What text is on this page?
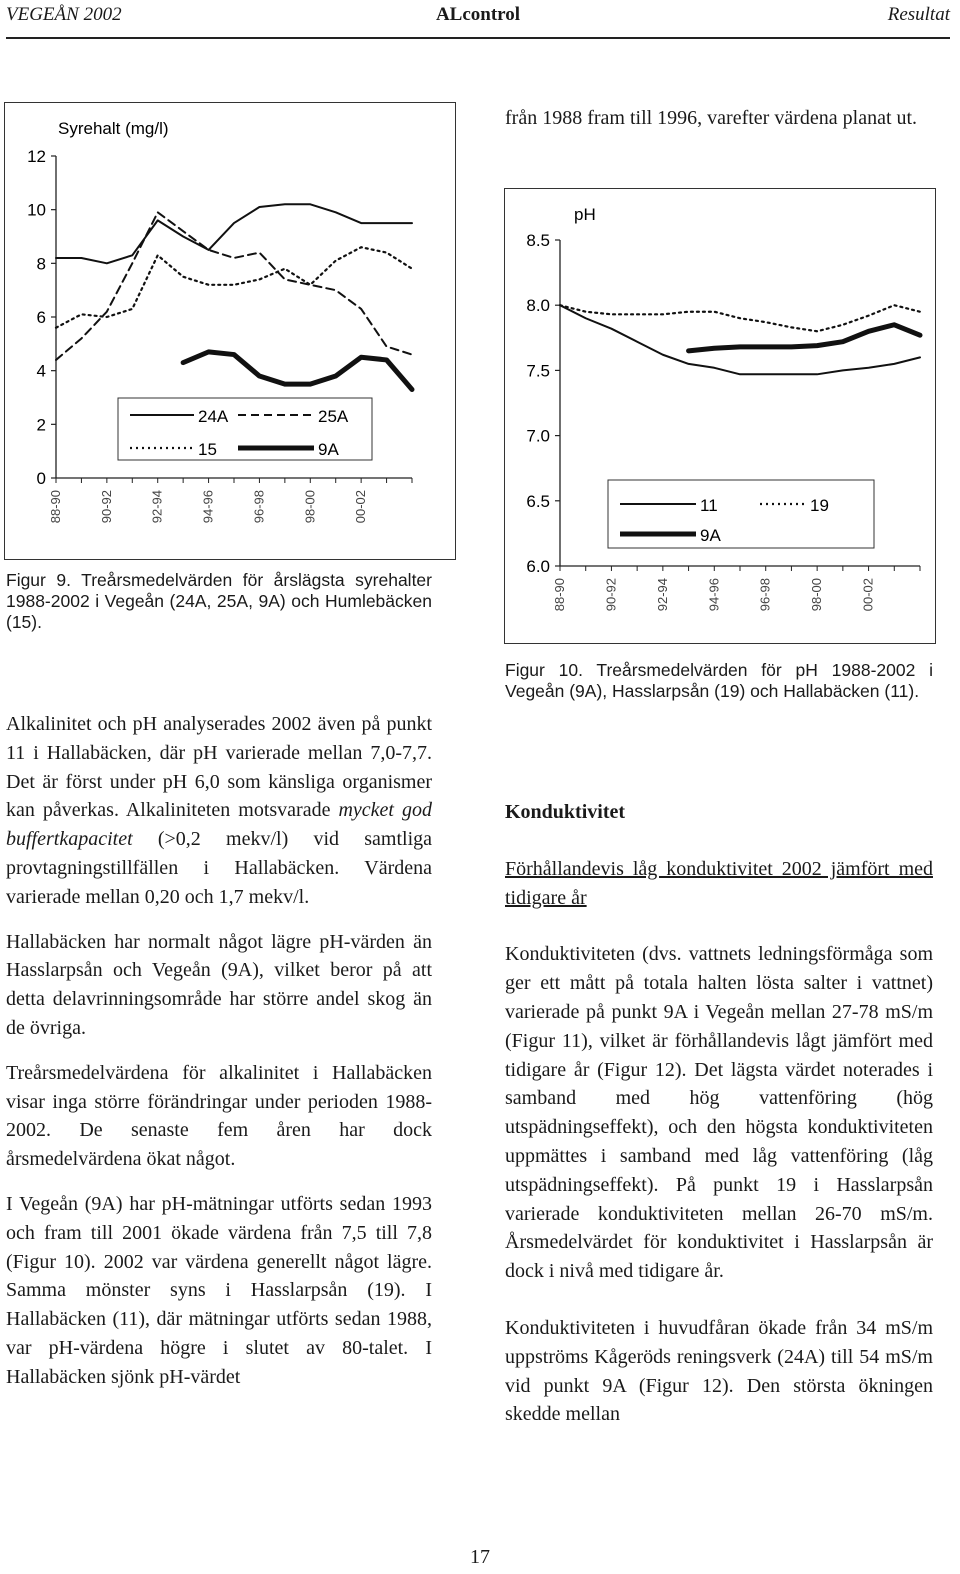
VEGEÅN 2002	ALcontrol	Resultat
Syrehalt (mg/l)
0
2
4
6
8
10
12
88-90	90-92	92-94	94-96	96-98	98-00	00-02
24A	25A
15	9A
Figur 9. Treårsmedelvärden för årslägsta syrehalter 1988-2002 i Vegeån (24A, 25A, 9A) och Humlebäcken (15).
pH
6.0
6.5
7.0
7.5
8.0
8.5
88-90	90-92	92-94	94-96	96-98	98-00	00-02
11	19
9A
Figur 10. Treårsmedelvärden för pH 1988-2002 i Vegeån (9A), Hasslarpsån (19) och Hallabäcken (11).

Alkalinitet och pH analyserades 2002 även på punkt 11 i Hallabäcken, där pH varierade mellan 7,0-7,7. Det är först under pH 6,0 som känsliga organismer kan påverkas. Alkaliniteten motsvarade mycket god buffertkapacitet (>0,2 mekv/l) vid samtliga provtagningstillfällen i Hallabäcken. Värdena varierade mellan 0,20 och 1,7 mekv/l.

Hallabäcken har normalt något lägre pH-värden än Hasslarpsån och Vegeån (9A), vilket beror på att detta delavrinningsområde har större andel skog än de övriga.

Treårsmedelvärdena för alkalinitet i Hallabäcken visar inga större förändringar under perioden 1988-2002. De senaste fem åren har dock årsmedelvärdena ökat något.

I Vegeån (9A) har pH-mätningar utförts sedan 1993 och fram till 2001 ökade värdena från 7,5 till 7,8 (Figur 10). 2002 var värdena generellt något lägre. Samma mönster syns i Hasslarpsån (19). I Hallabäcken (11), där mätningar utförts sedan 1988, var pH-värdena högre i slutet av 80-talet. I Hallabäcken sjönk pH-värdet

från 1988 fram till 1996, varefter värdena planat ut.

Konduktivitet

Förhållandevis låg konduktivitet 2002 jämfört med tidigare år

Konduktiviteten (dvs. vattnets ledningsförmåga som ger ett mått på totala halten lösta salter i vattnet) varierade på punkt 9A i Vegeån mellan 27-78 mS/m (Figur 11), vilket är förhållandevis lågt jämfört med tidigare år (Figur 12). Det lägsta värdet noterades i samband med hög vattenföring (hög utspädningseffekt), och den högsta konduktiviteten uppmättes i samband med låg vattenföring (låg utspädningseffekt). På punkt 19 i Hasslarpsån varierade konduktiviteten mellan 26-70 mS/m. Årsmedelvärdet för konduktivitet i Hasslarpsån är dock i nivå med tidigare år.

Konduktiviteten i huvudfåran ökade från 34 mS/m uppströms Kågeröds reningsverk (24A) till 54 mS/m vid punkt 9A (Figur 12). Den största ökningen skedde mellan

17
